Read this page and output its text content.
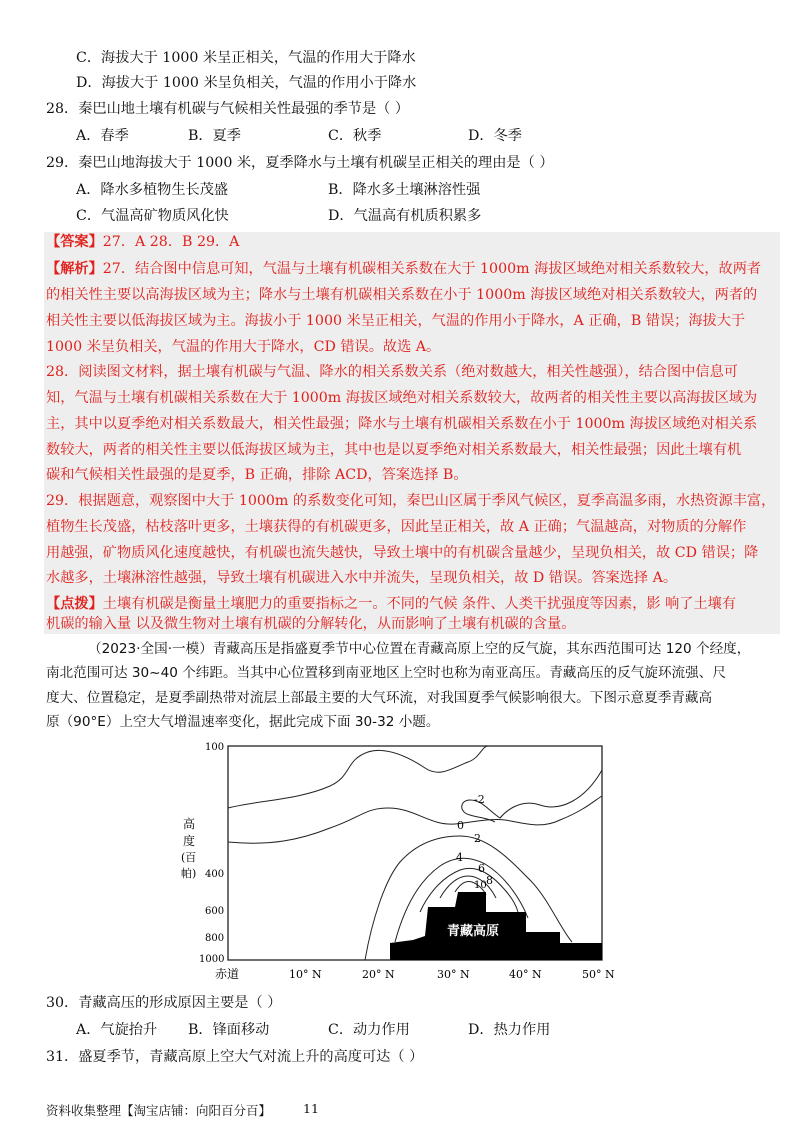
C．海拔大于 1000 米呈正相关，气温的作用大于降水
D．海拔大于 1000 米呈负相关，气温的作用小于降水
28．秦巴山地土壤有机碳与气候相关性最强的季节是（ ）
A．春季	B．夏季	C．秋季	D．冬季
29．秦巴山地海拔大于 1000 米，夏季降水与土壤有机碳呈正相关的理由是（ ）
A．降水多植物生长茂盛	B．降水多土壤淋溶性强
C．气温高矿物质风化快	D．气温高有机质积累多
【答案】27．A 28．B 29．A
【解析】27．结合图中信息可知，气温与土壤有机碳相关系数在大于 1000m 海拔区域绝对相关系数较大，故两者
的相关性主要以高海拔区域为主；降水与土壤有机碳相关系数在小于 1000m 海拔区域绝对相关系数较大，两者的
相关性主要以低海拔区域为主。海拔小于 1000 米呈正相关，气温的作用小于降水，A 正确，B 错误；海拔大于
1000 米呈负相关，气温的作用大于降水，CD 错误。故选 A。
28．阅读图文材料，据土壤有机碳与气温、降水的相关系数关系（绝对数越大，相关性越强），结合图中信息可
知，气温与土壤有机碳相关系数在大于 1000m 海拔区域绝对相关系数较大，故两者的相关性主要以高海拔区域为
主，其中以夏季绝对相关系数最大，相关性最强；降水与土壤有机碳相关系数在小于 1000m 海拔区域绝对相关系
数较大，两者的相关性主要以低海拔区域为主，其中也是以夏季绝对相关系数最大，相关性最强；因此土壤有机
碳和气候相关性最强的是夏季，B 正确，排除 ACD，答案选择 B。
29．根据题意，观察图中大于 1000m 的系数变化可知，秦巴山区属于季风气候区，夏季高温多雨，水热资源丰富，
植物生长茂盛，枯枝落叶更多，土壤获得的有机碳更多，因此呈正相关，故 A 正确；气温越高，对物质的分解作
用越强，矿物质风化速度越快，有机碳也流失越快，导致土壤中的有机碳含量越少，呈现负相关，故 CD 错误；降
水越多，土壤淋溶性越强，导致土壤有机碳进入水中并流失，呈现负相关，故 D 错误。答案选择 A。
【点拨】土壤有机碳是衡量土壤肥力的重要指标之一。不同的气候 条件、人类干扰强度等因素，影 响了土壤有
机碳的输入量 以及微生物对土壤有机碳的分解转化，从而影响了土壤有机碳的含量。
（2023·全国·一模）青藏高压是指盛夏季节中心位置在青藏高原上空的反气旋，其东西范围可达 120 个经度，
南北范围可达 30~40 个纬距。当其中心位置移到南亚地区上空时也称为南亚高压。青藏高压的反气旋环流强、尺
度大、位置稳定，是夏季副热带对流层上部最主要的大气环流，对我国夏季气候影响很大。下图示意夏季青藏高
原（90°E）上空大气增温速率变化，据此完成下面 30-32 小题。
-2
0
2
4
6
8
10
青藏高原
100
400
600
800
1000
高
度
(百
帕)
赤道	10° N	20° N	30° N	40° N	50° N
30．青藏高压的形成原因主要是（ ）
A．气旋抬升 B．锋面移动	C．动力作用	D．热力作用
31．盛夏季节，青藏高原上空大气对流上升的高度可达（ ）
资料收集整理【淘宝店铺：向阳百分百】	11
